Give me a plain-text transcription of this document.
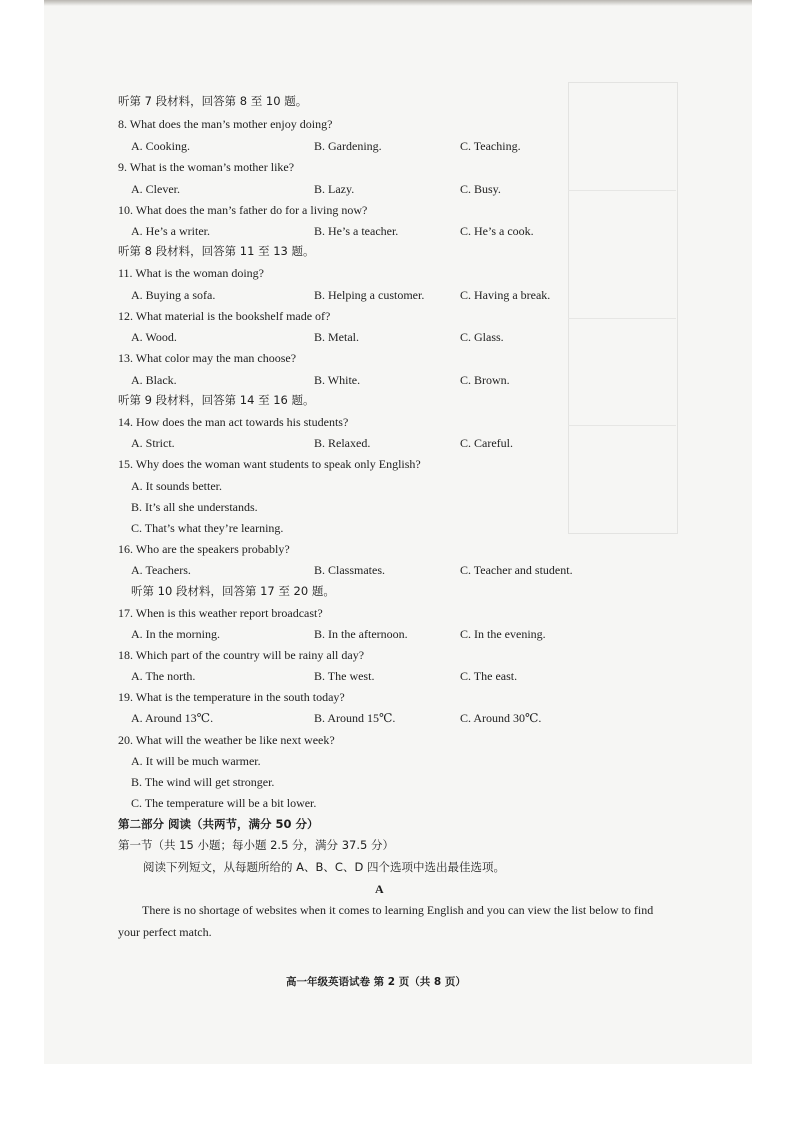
听第 7 段材料，回答第 8 至 10 题。
8. What does the man’s mother enjoy doing?
A. Cooking.	B. Gardening.	C. Teaching.
9. What is the woman’s mother like?
A. Clever.	B. Lazy.	C. Busy.
10. What does the man’s father do for a living now?
A. He’s a writer.	B. He’s a teacher.	C. He’s a cook.
听第 8 段材料，回答第 11 至 13 题。
11. What is the woman doing?
A. Buying a sofa.	B. Helping a customer.	C. Having a break.
12. What material is the bookshelf made of?
A. Wood.	B. Metal.	C. Glass.
13. What color may the man choose?
A. Black.	B. White.	C. Brown.
听第 9 段材料，回答第 14 至 16 题。
14. How does the man act towards his students?
A. Strict.	B. Relaxed.	C. Careful.
15. Why does the woman want students to speak only English?
A. It sounds better.
B. It’s all she understands.
C. That’s what they’re learning.
16. Who are the speakers probably?
A. Teachers.	B. Classmates.	C. Teacher and student.
听第 10 段材料，回答第 17 至 20 题。
17. When is this weather report broadcast?
A. In the morning.	B. In the afternoon.	C. In the evening.
18. Which part of the country will be rainy all day?
A. The north.	B. The west.	C. The east.
19. What is the temperature in the south today?
A. Around 13℃.	B. Around 15℃.	C. Around 30℃.
20. What will the weather be like next week?
A. It will be much warmer.
B. The wind will get stronger.
C. The temperature will be a bit lower.
第二部分 阅读（共两节，满分 50 分）
第一节（共 15 小题；每小题 2.5 分，满分 37.5 分）
阅读下列短文，从每题所给的 A、B、C、D 四个选项中选出最佳选项。
A
There is no shortage of websites when it comes to learning English and you can view the list below to find your perfect match.
高一年级英语试卷 第 2 页（共 8 页）
